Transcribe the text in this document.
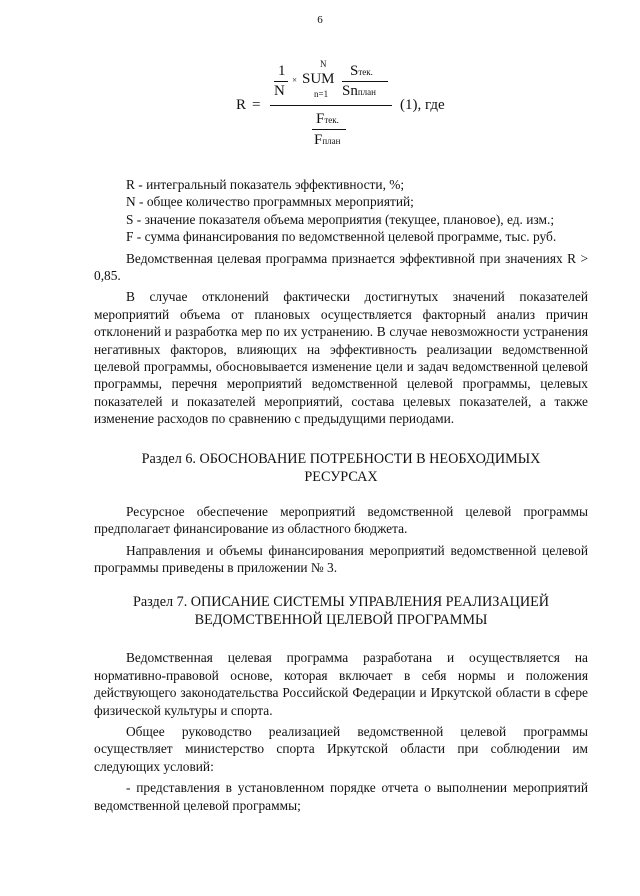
6
R =
1
N
×
N
SUM
n=1
Sтек.
Snплан
Fтек.
Fплан
(1), где

R - интегральный показатель эффективности, %;

N - общее количество программных мероприятий;

S - значение показателя объема мероприятия (текущее, плановое), ед. изм.;

F - сумма финансирования по ведомственной целевой программе, тыс. руб.

Ведомственная целевая программа признается эффективной при значениях R > 0,85.

В случае отклонений фактически достигнутых значений показателей мероприятий объема от плановых осуществляется факторный анализ причин отклонений и разработка мер по их устранению. В случае невозможности устранения негативных факторов, влияющих на эффективность реализации ведомственной целевой программы, обосновывается изменение цели и задач ведомственной целевой программы, перечня мероприятий ведомственной целевой программы, целевых показателей и показателей мероприятий, состава целевых показателей, а также изменение расходов по сравнению с предыдущими периодами.

Раздел 6. ОБОСНОВАНИЕ ПОТРЕБНОСТИ В НЕОБХОДИМЫХ РЕСУРСАХ

Ресурсное обеспечение мероприятий ведомственной целевой программы предполагает финансирование из областного бюджета.

Направления и объемы финансирования мероприятий ведомственной целевой программы приведены в приложении № 3.

Раздел 7. ОПИСАНИЕ СИСТЕМЫ УПРАВЛЕНИЯ РЕАЛИЗАЦИЕЙ ВЕДОМСТВЕННОЙ ЦЕЛЕВОЙ ПРОГРАММЫ

Ведомственная целевая программа разработана и осуществляется на нормативно-правовой основе, которая включает в себя нормы и положения действующего законодательства Российской Федерации и Иркутской области в сфере физической культуры и спорта.

Общее руководство реализацией ведомственной целевой программы осуществляет министерство спорта Иркутской области при соблюдении им следующих условий:

- представления в установленном порядке отчета о выполнении мероприятий ведомственной целевой программы;
